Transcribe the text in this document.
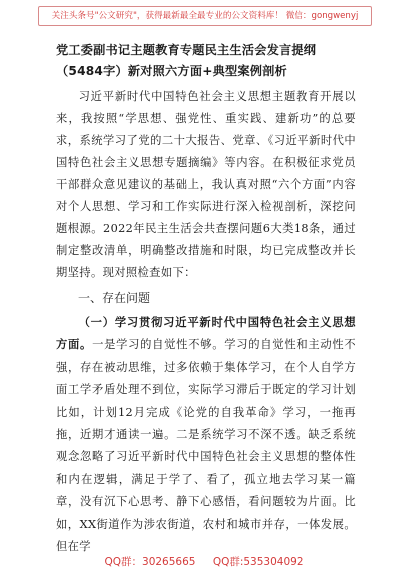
关注头条号"公文研究"，获得最新最全最专业的公文资料库！ 微信：gongwenyj

党工委副书记主题教育专题民主生活会发言提纲（5484字）新对照六方面+典型案例剖析

习近平新时代中国特色社会主义思想主题教育开展以来，我按照“学思想、强党性、重实践、建新功”的总要求，系统学习了党的二十大报告、党章、《习近平新时代中国特色社会主义思想专题摘编》等内容。在积极征求党员干部群众意见建议的基础上，我认真对照“六个方面”内容对个人思想、学习和工作实际进行深入检视剖析，深挖问题根源。2022年民主生活会共查摆问题6大类18条，通过制定整改清单，明确整改措施和时限，均已完成整改并长期坚持。现对照检查如下：

一、存在问题

（一）学习贯彻习近平新时代中国特色社会主义思想方面。一是学习的自觉性不够。学习的自觉性和主动性不强，存在被动思维，过多依赖于集体学习，在个人自学方面工学矛盾处理不到位，实际学习滞后于既定的学习计划比如，计划12月完成《论党的自我革命》学习，一拖再拖，近期才通读一遍。二是系统学习不深不透。缺乏系统观念忽略了习近平新时代中国特色社会主义思想的整体性和内在逻辑，满足于学了、看了，孤立地去学习某一篇章，没有沉下心思考、静下心感悟，看问题较为片面。比如，XX街道作为涉农街道，农村和城市并存，一体发展。但在学

QQ群：30265665 QQ群:535304092
